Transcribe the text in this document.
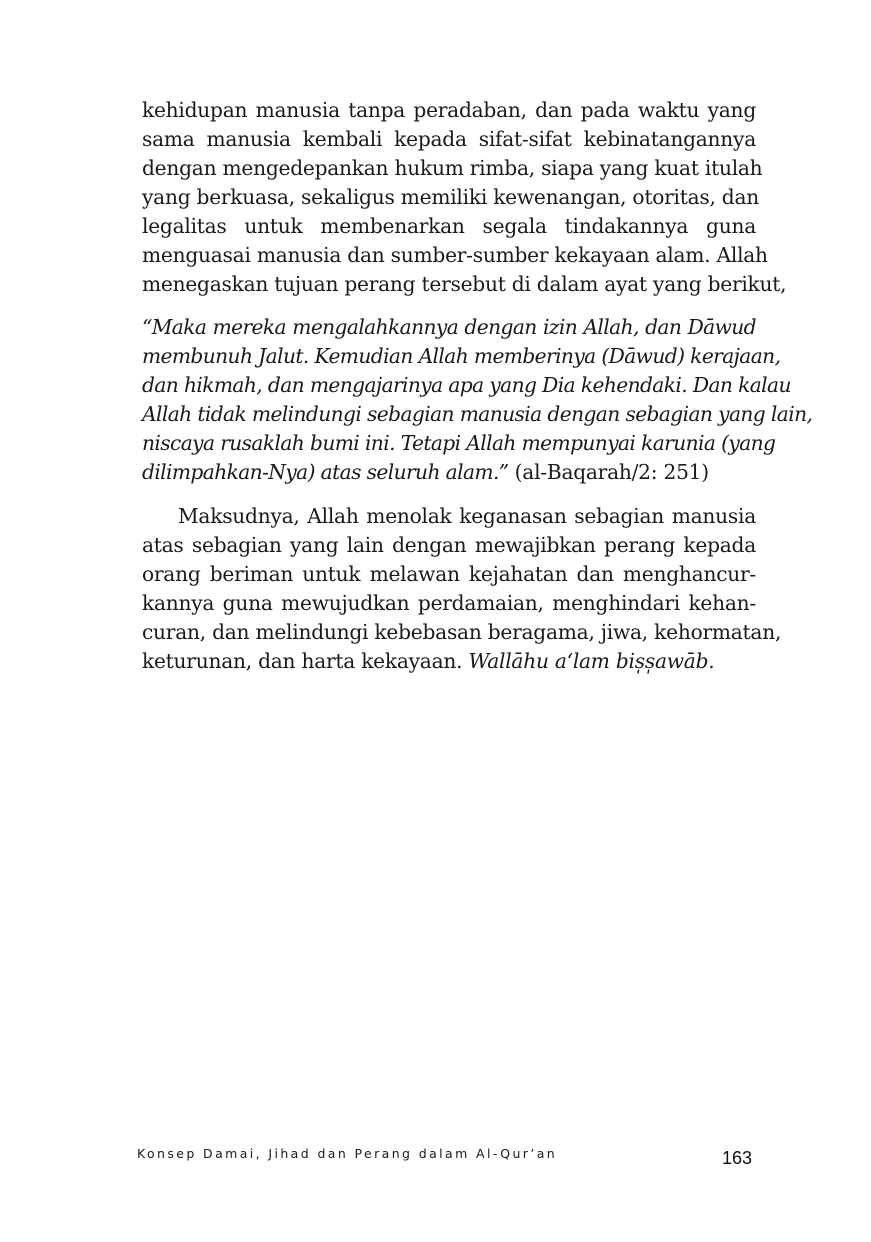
kehidupan manusia tanpa peradaban, dan pada waktu yang
sama manusia kembali kepada sifat-sifat kebinatangannya
dengan mengedepankan hukum rimba, siapa yang kuat itulah
yang berkuasa, sekaligus memiliki kewenangan, otoritas, dan
legalitas untuk membenarkan segala tindakannya guna
menguasai manusia dan sumber-sumber kekayaan alam. Allah
menegaskan tujuan perang tersebut di dalam ayat yang berikut,

“Maka mereka mengalahkannya dengan izin Allah, dan Dāwud
membunuh Jalut. Kemudian Allah memberinya (Dāwud) kerajaan,
dan hikmah, dan mengajarinya apa yang Dia kehendaki. Dan kalau
Allah tidak melindungi sebagian manusia dengan sebagian yang lain,
niscaya rusaklah bumi ini. Tetapi Allah mempunyai karunia (yang
dilimpahkan-Nya) atas seluruh alam.” (al-Baqarah/2: 251)

Maksudnya, Allah menolak keganasan sebagian manusia
atas sebagian yang lain dengan mewajibkan perang kepada
orang beriman untuk melawan kejahatan dan menghancur-
kannya guna mewujudkan perdamaian, menghindari kehan-
curan, dan melindungi kebebasan beragama, jiwa, kehormatan,
keturunan, dan harta kekayaan. Wallāhu a‘lam bis̩s̩awāb.

Konsep Damai, Jihad dan Perang dalam Al-Qur’an	163
